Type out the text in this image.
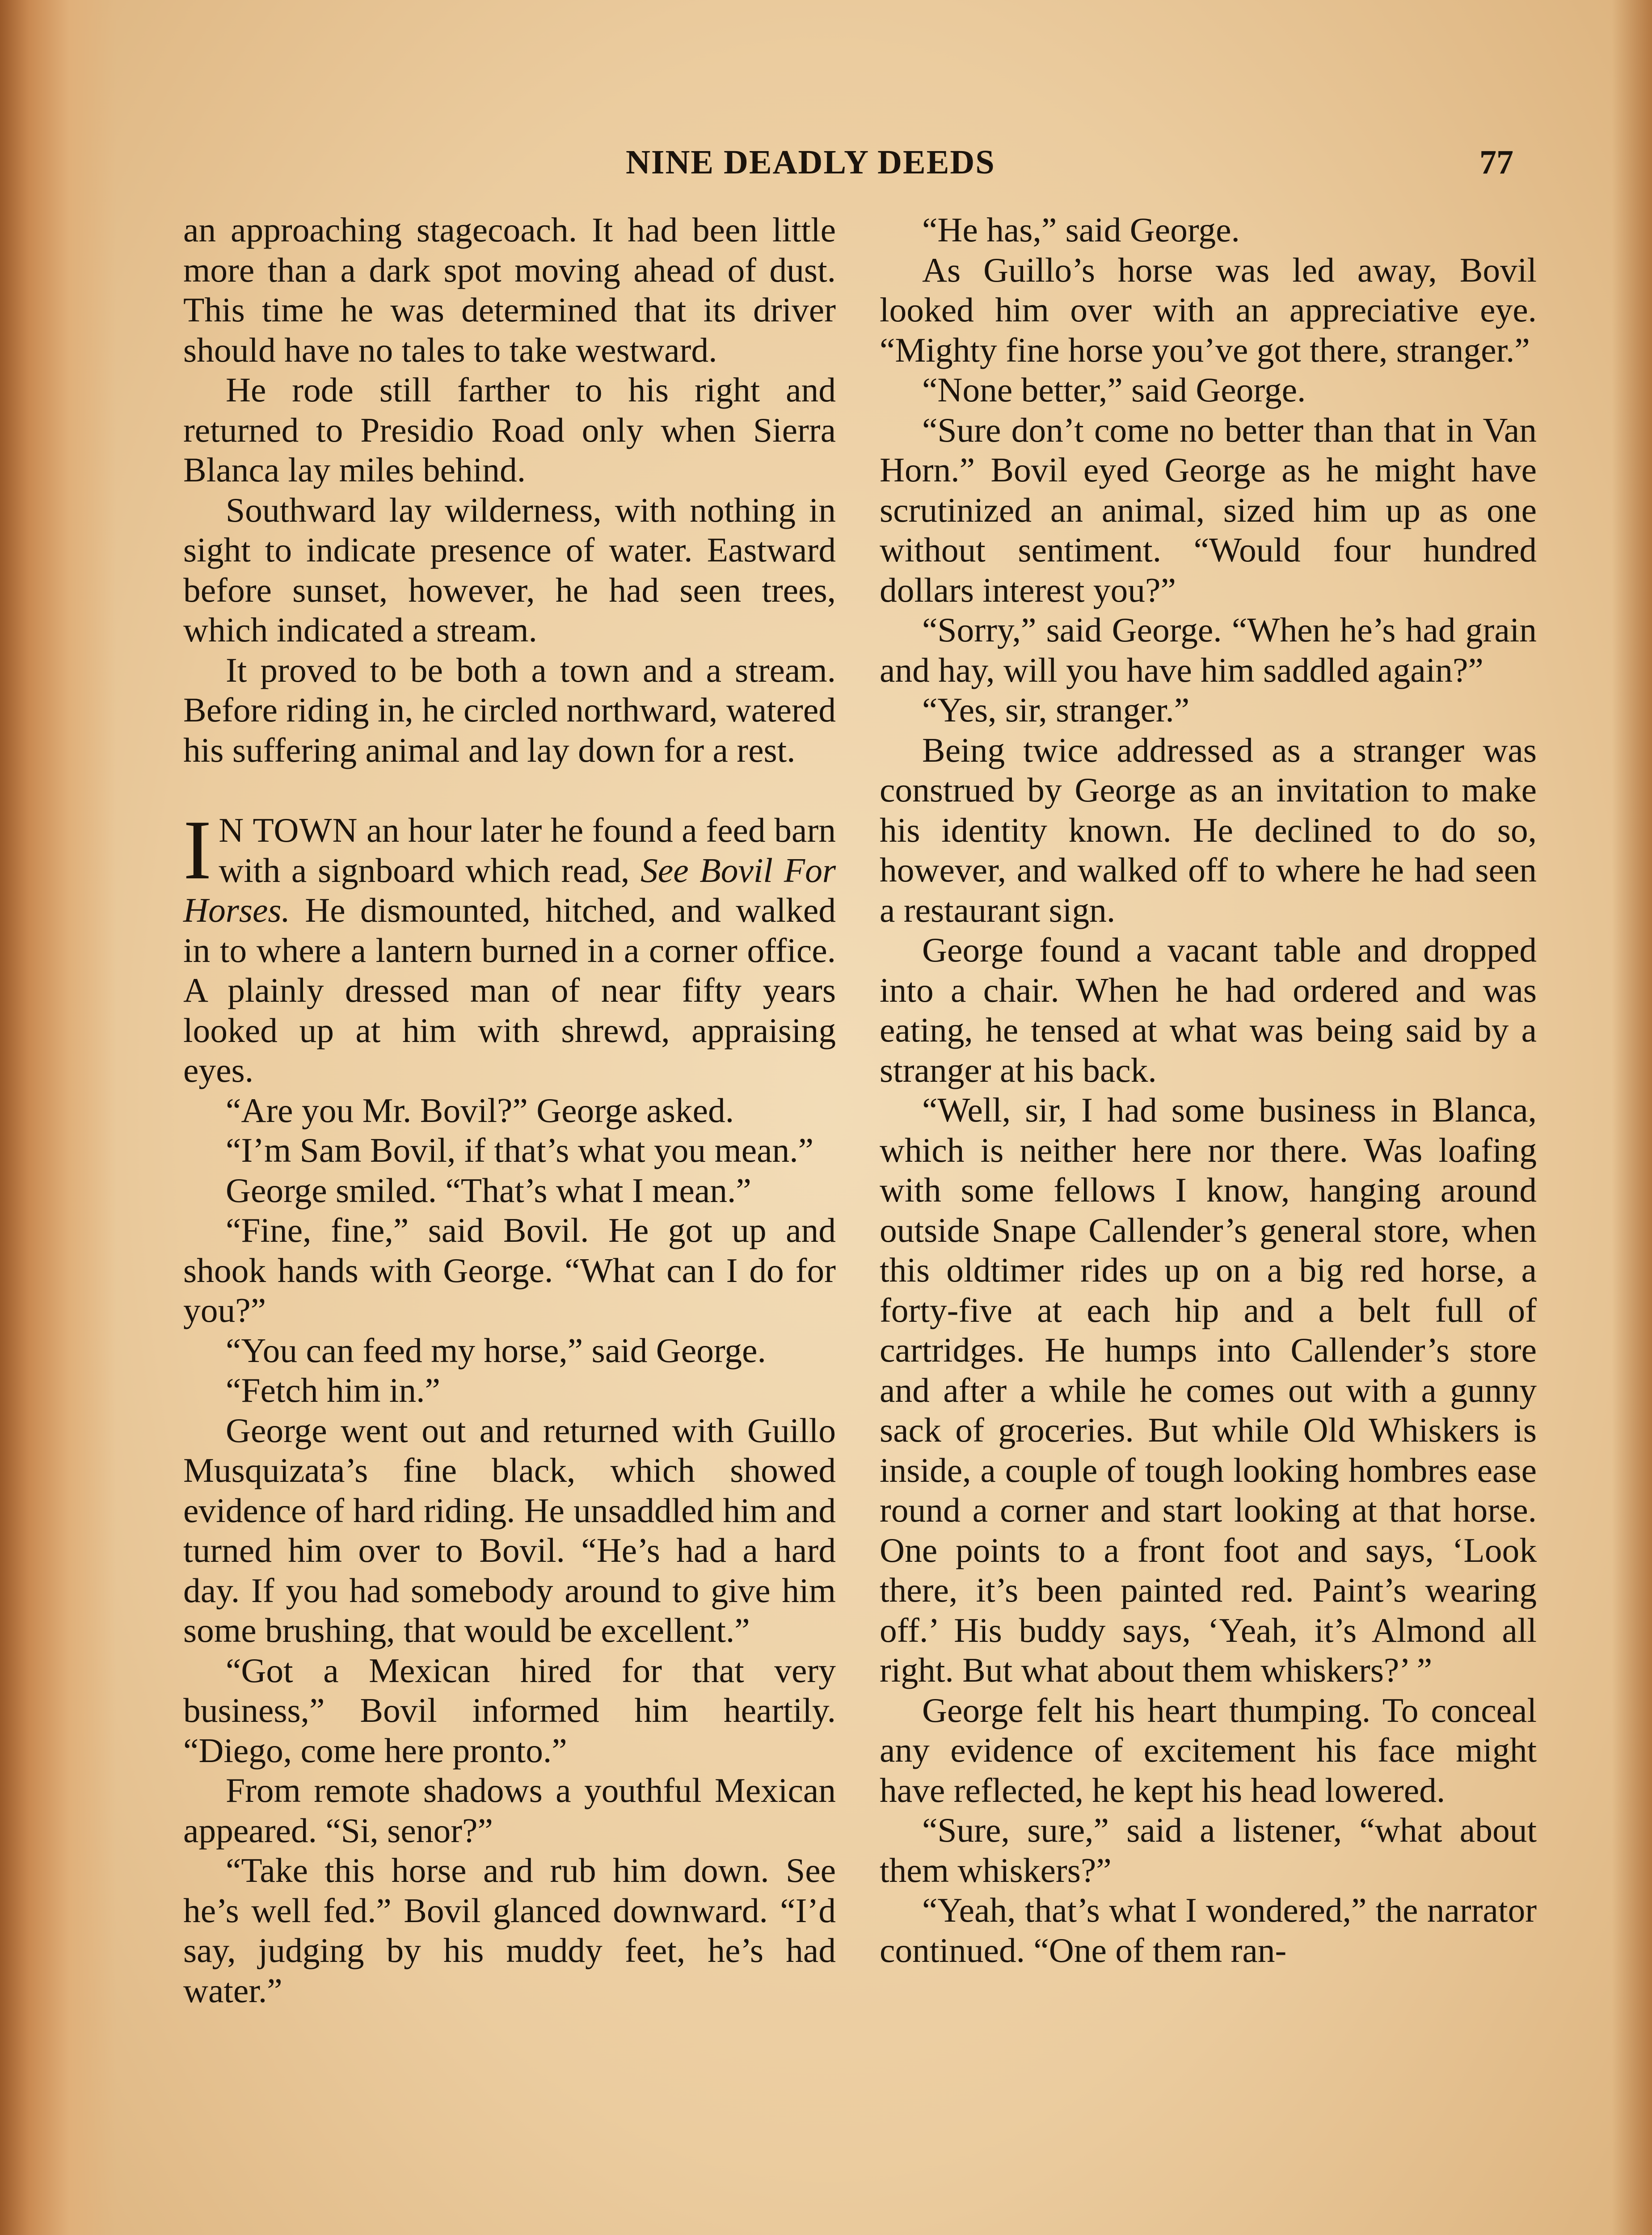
NINE DEADLY DEEDS	77

an approaching stagecoach. It had been little more than a dark spot moving ahead of dust. This time he was determined that its driver should have no tales to take westward.

He rode still farther to his right and returned to Presidio Road only when Sierra Blanca lay miles behind.

Southward lay wilderness, with nothing in sight to indicate presence of water. Eastward before sunset, however, he had seen trees, which indicated a stream.

It proved to be both a town and a stream. Before riding in, he circled northward, watered his suffering animal and lay down for a rest.

I N TOWN an hour later he found a feed barn with a signboard which read, See Bovil For Horses. He dismounted, hitched, and walked in to where a lantern burned in a corner office. A plainly dressed man of near fifty years looked up at him with shrewd, appraising eyes.

“Are you Mr. Bovil?” George asked.

“I’m Sam Bovil, if that’s what you mean.”

George smiled. “That’s what I mean.”

“Fine, fine,” said Bovil. He got up and shook hands with George. “What can I do for you?”

“You can feed my horse,” said George.

“Fetch him in.”

George went out and returned with Guillo Musquizata’s fine black, which showed evidence of hard riding. He unsaddled him and turned him over to Bovil. “He’s had a hard day. If you had somebody around to give him some brushing, that would be excellent.”

“Got a Mexican hired for that very business,” Bovil informed him heartily. “Diego, come here pronto.”

From remote shadows a youthful Mexican appeared. “Si, senor?”

“Take this horse and rub him down. See he’s well fed.” Bovil glanced downward. “I’d say, judging by his muddy feet, he’s had water.”

“He has,” said George.

As Guillo’s horse was led away, Bovil looked him over with an appreciative eye. “Mighty fine horse you’ve got there, stranger.”

“None better,” said George.

“Sure don’t come no better than that in Van Horn.” Bovil eyed George as he might have scrutinized an animal, sized him up as one without sentiment. “Would four hundred dollars interest you?”

“Sorry,” said George. “When he’s had grain and hay, will you have him saddled again?”

“Yes, sir, stranger.”

Being twice addressed as a stranger was construed by George as an invitation to make his identity known. He declined to do so, however, and walked off to where he had seen a restaurant sign.

George found a vacant table and dropped into a chair. When he had ordered and was eating, he tensed at what was being said by a stranger at his back.

“Well, sir, I had some business in Blanca, which is neither here nor there. Was loafing with some fellows I know, hanging around outside Snape Callender’s general store, when this oldtimer rides up on a big red horse, a forty-five at each hip and a belt full of cartridges. He humps into Callender’s store and after a while he comes out with a gunny sack of groceries. But while Old Whiskers is inside, a couple of tough looking hombres ease round a corner and start looking at that horse. One points to a front foot and says, ‘Look there, it’s been painted red. Paint’s wearing off.’ His buddy says, ‘Yeah, it’s Almond all right. But what about them whiskers?’ ”

George felt his heart thumping. To conceal any evidence of excitement his face might have reflected, he kept his head lowered.

“Sure, sure,” said a listener, “what about them whiskers?”

“Yeah, that’s what I wondered,” the narrator continued. “One of them ran-
